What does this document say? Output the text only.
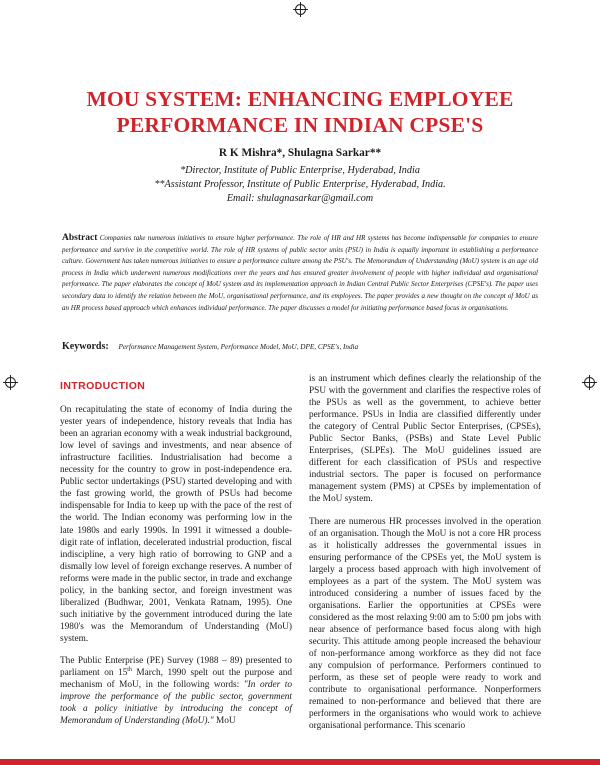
MOU SYSTEM: ENHANCING EMPLOYEE PERFORMANCE IN INDIAN CPSE'S
R K Mishra*, Shulagna Sarkar**
*Director, Institute of Public Enterprise, Hyderabad, India
**Assistant Professor, Institute of Public Enterprise, Hyderabad, India.
Email: shulagnasarkar@gmail.com
Abstract Companies take numerous initiatives to ensure higher performance. The role of HR and HR systems has become indispensable for companies to ensure performance and survive in the competitive world. The role of HR systems of public sector units (PSU) in India is equally important in establishing a performance culture. Government has taken numerous initiatives to ensure a performance culture among the PSU's. The Memorandum of Understanding (MoU) system is an age old process in India which underwent numerous modifications over the years and has ensured greater involvement of people with higher individual and organisational performance. The paper elaborates the concept of MoU system and its implementation approach in Indian Central Public Sector Enterprises (CPSE's). The paper uses secondary data to identify the relation between the MoU, organisational performance, and its employees. The paper provides a new thought on the concept of MoU as an HR process based approach which enhances individual performance. The paper discusses a model for initiating performance based focus in organisations.
Keywords: Performance Management System, Performance Model, MoU, DPE, CPSE's, India
INTRODUCTION

On recapitulating the state of economy of India during the yester years of independence, history reveals that India has been an agrarian economy with a weak industrial background, low level of savings and investments, and near absence of infrastructure facilities. Industrialisation had become a necessity for the country to grow in post-independence era. Public sector undertakings (PSU) started developing and with the fast growing world, the growth of PSUs had become indispensable for India to keep up with the pace of the rest of the world. The Indian economy was performing low in the late 1980s and early 1990s. In 1991 it witnessed a double-digit rate of inflation, decelerated industrial production, fiscal indiscipline, a very high ratio of borrowing to GNP and a dismally low level of foreign exchange reserves. A number of reforms were made in the public sector, in trade and exchange policy, in the banking sector, and foreign investment was liberalized (Budhwar, 2001, Venkata Ratnam, 1995). One such initiative by the government introduced during the late 1980's was the Memorandum of Understanding (MoU) system.

The Public Enterprise (PE) Survey (1988 – 89) presented to parliament on 15th March, 1990 spelt out the purpose and mechanism of MoU, in the following words: "In order to improve the performance of the public sector, government took a policy initiative by introducing the concept of Memorandum of Understanding (MoU)." MoU

is an instrument which defines clearly the relationship of the PSU with the government and clarifies the respective roles of the PSUs as well as the government, to achieve better performance. PSUs in India are classified differently under the category of Central Public Sector Enterprises, (CPSEs), Public Sector Banks, (PSBs) and State Level Public Enterprises, (SLPEs). The MoU guidelines issued are different for each classification of PSUs and respective industrial sectors. The paper is focused on performance management system (PMS) at CPSEs by implementation of the MoU system.

There are numerous HR processes involved in the operation of an organisation. Though the MoU is not a core HR process as it holistically addresses the governmental issues in ensuring performance of the CPSEs yet, the MoU system is largely a process based approach with high involvement of employees as a part of the system. The MoU system was introduced considering a number of issues faced by the organisations. Earlier the opportunities at CPSEs were considered as the most relaxing 9:00 am to 5:00 pm jobs with near absence of performance based focus along with high security. This attitude among people increased the behaviour of non-performance among workforce as they did not face any compulsion of performance. Performers continued to perform, as these set of people were ready to work and contribute to organisational performance. Nonperformers remained to non-performance and believed that there are performers in the organisations who would work to achieve organisational performance. This scenario
